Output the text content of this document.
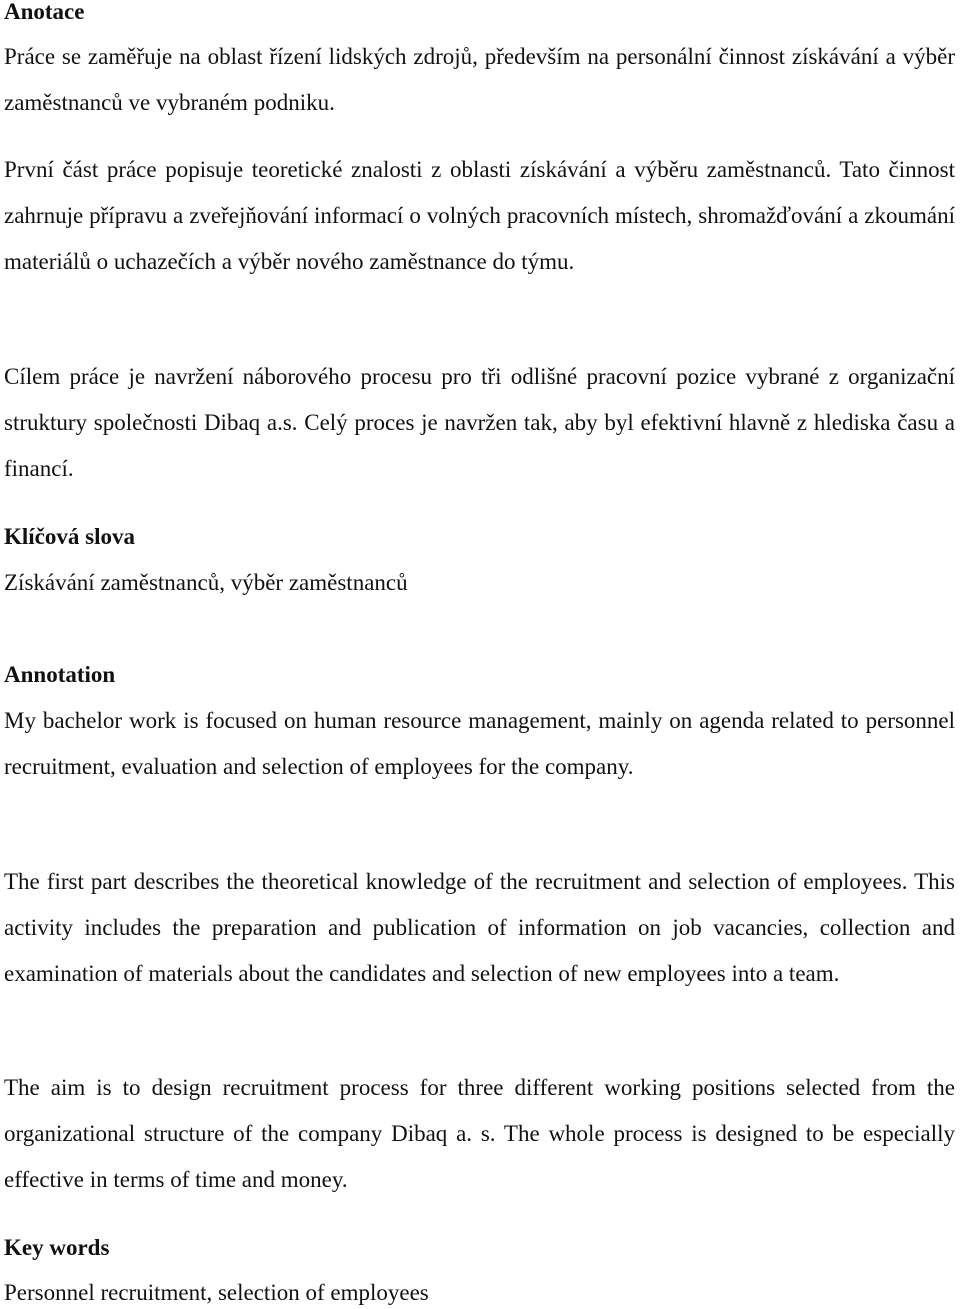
Anotace

Práce se zaměřuje na oblast řízení lidských zdrojů, především na personální činnost získávání a výběr zaměstnanců ve vybraném podniku.

První část práce popisuje teoretické znalosti z oblasti získávání a výběru zaměstnanců. Tato činnost zahrnuje přípravu a zveřejňování informací o volných pracovních místech, shromažďování a zkoumání materiálů o uchazečích a výběr nového zaměstnance do týmu.

Cílem práce je navržení náborového procesu pro tři odlišné pracovní pozice vybrané z organizační struktury společnosti Dibaq a.s. Celý proces je navržen tak, aby byl efektivní hlavně z hlediska času a financí.

Klíčová slova

Získávání zaměstnanců, výběr zaměstnanců

Annotation

My bachelor work is focused on human resource management, mainly on agenda related to personnel recruitment, evaluation and selection of employees for the company.

The first part describes the theoretical knowledge of the recruitment and selection of employees. This activity includes the preparation and publication of information on job vacancies, collection and examination of materials about the candidates and selection of new employees into a team.

The aim is to design recruitment process for three different working positions selected from the organizational structure of the company Dibaq a. s. The whole process is designed to be especially effective in terms of time and money.

Key words

Personnel recruitment, selection of employees
